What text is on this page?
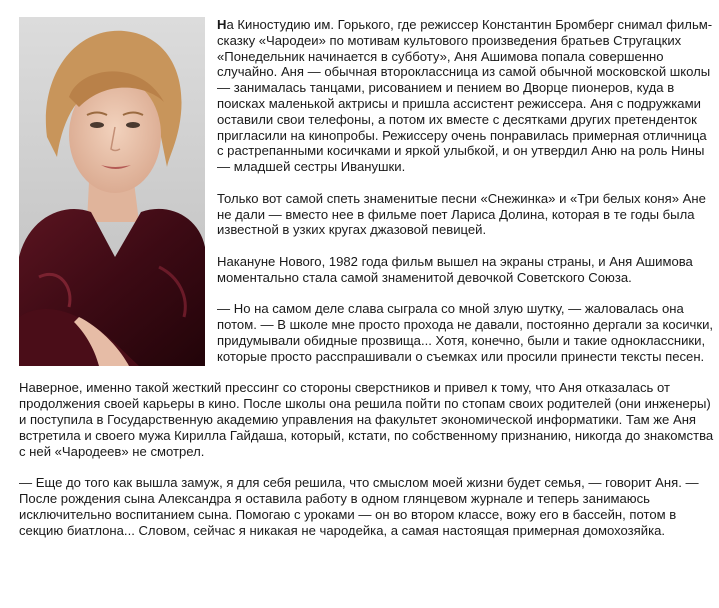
На Киностудию им. Горького, где режиссер Константин Бромберг снимал фильм-сказку «Чародеи» по мотивам культового произведения братьев Стругацких «Понедельник начинается в субботу», Аня Ашимова попала совершенно случайно. Аня — обычная второклассница из самой обычной московской школы — занималась танцами, рисованием и пением во Дворце пионеров, куда в поисках маленькой актрисы и пришла ассистент режиссера. Аня с подружками оставили свои телефоны, а потом их вместе с десятками других претенденток пригласили на кинопробы. Режиссеру очень понравилась примерная отличница с растрепанными косичками и яркой улыбкой, и он утвердил Аню на роль Нины — младшей сестры Иванушки.

Только вот самой спеть знаменитые песни «Снежинка» и «Три белых коня» Ане не дали — вместо нее в фильме поет Лариса Долина, которая в те годы была известной в узких кругах джазовой певицей.

Накануне Нового, 1982 года фильм вышел на экраны страны, и Аня Ашимова моментально стала самой знаменитой девочкой Советского Союза.

— Но на самом деле слава сыграла со мной злую шутку, — жаловалась она потом. — В школе мне просто прохода не давали, постоянно дергали за косички, придумывали обидные прозвища... Хотя, конечно, были и такие одноклассники, которые просто расспрашивали о съемках или просили принести тексты песен.

Наверное, именно такой жесткий прессинг со стороны сверстников и привел к тому, что Аня отказалась от продолжения своей карьеры в кино. После школы она решила пойти по стопам своих родителей (они инженеры) и поступила в Государственную академию управления на факультет экономической информатики. Там же Аня встретила и своего мужа Кирилла Гайдаша, который, кстати, по собственному признанию, никогда до знакомства с ней «Чародеев» не смотрел.

— Еще до того как вышла замуж, я для себя решила, что смыслом моей жизни будет семья, — говорит Аня. — После рождения сына Александра я оставила работу в одном глянцевом журнале и теперь занимаюсь исключительно воспитанием сына. Помогаю с уроками — он во втором классе, вожу его в бассейн, потом в секцию биатлона... Словом, сейчас я никакая не чародейка, а самая настоящая примерная домохозяйка.
